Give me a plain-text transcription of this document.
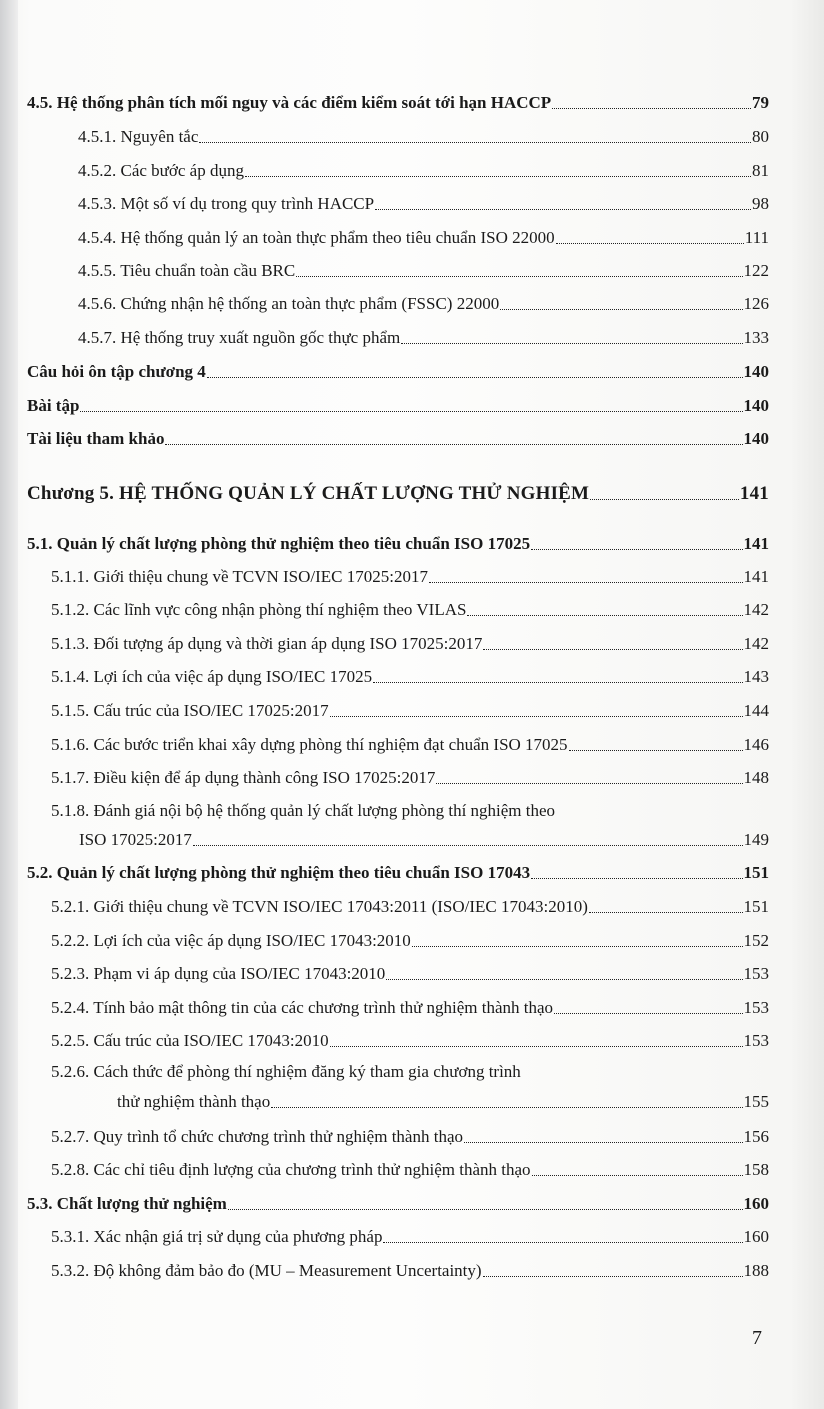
4.5. Hệ thống phân tích mối nguy và các điểm kiểm soát tới hạn HACCP	79
4.5.1. Nguyên tắc	80
4.5.2. Các bước áp dụng	81
4.5.3. Một số ví dụ trong quy trình HACCP	98
4.5.4. Hệ thống quản lý an toàn thực phẩm theo tiêu chuẩn ISO 22000	111
4.5.5. Tiêu chuẩn toàn cầu BRC	122
4.5.6. Chứng nhận hệ thống an toàn thực phẩm (FSSC) 22000	126
4.5.7. Hệ thống truy xuất nguồn gốc thực phẩm	133
Câu hỏi ôn tập chương 4	140
Bài tập	140
Tài liệu tham khảo	140
Chương 5. HỆ THỐNG QUẢN LÝ CHẤT LƯỢNG THỬ NGHIỆM	141
5.1. Quản lý chất lượng phòng thử nghiệm theo tiêu chuẩn ISO 17025	141
5.1.1. Giới thiệu chung về TCVN ISO/IEC 17025:2017	141
5.1.2. Các lĩnh vực công nhận phòng thí nghiệm theo VILAS	142
5.1.3. Đối tượng áp dụng và thời gian áp dụng ISO 17025:2017	142
5.1.4. Lợi ích của việc áp dụng ISO/IEC 17025	143
5.1.5. Cấu trúc của ISO/IEC 17025:2017	144
5.1.6. Các bước triển khai xây dựng phòng thí nghiệm đạt chuẩn ISO 17025	146
5.1.7. Điều kiện để áp dụng thành công ISO 17025:2017	148
5.1.8. Đánh giá nội bộ hệ thống quản lý chất lượng phòng thí nghiệm theo
ISO 17025:2017	149
5.2. Quản lý chất lượng phòng thử nghiệm theo tiêu chuẩn ISO 17043	151
5.2.1. Giới thiệu chung về TCVN ISO/IEC 17043:2011 (ISO/IEC 17043:2010)	151
5.2.2. Lợi ích của việc áp dụng ISO/IEC 17043:2010	152
5.2.3. Phạm vi áp dụng của ISO/IEC 17043:2010	153
5.2.4. Tính bảo mật thông tin của các chương trình thử nghiệm thành thạo	153
5.2.5. Cấu trúc của ISO/IEC 17043:2010	153
5.2.6. Cách thức để phòng thí nghiệm đăng ký tham gia chương trình
thử nghiệm thành thạo	155
5.2.7. Quy trình tổ chức chương trình thử nghiệm thành thạo	156
5.2.8. Các chỉ tiêu định lượng của chương trình thử nghiệm thành thạo	158
5.3. Chất lượng thử nghiệm	160
5.3.1. Xác nhận giá trị sử dụng của phương pháp	160
5.3.2. Độ không đảm bảo đo (MU – Measurement Uncertainty)	188
7
